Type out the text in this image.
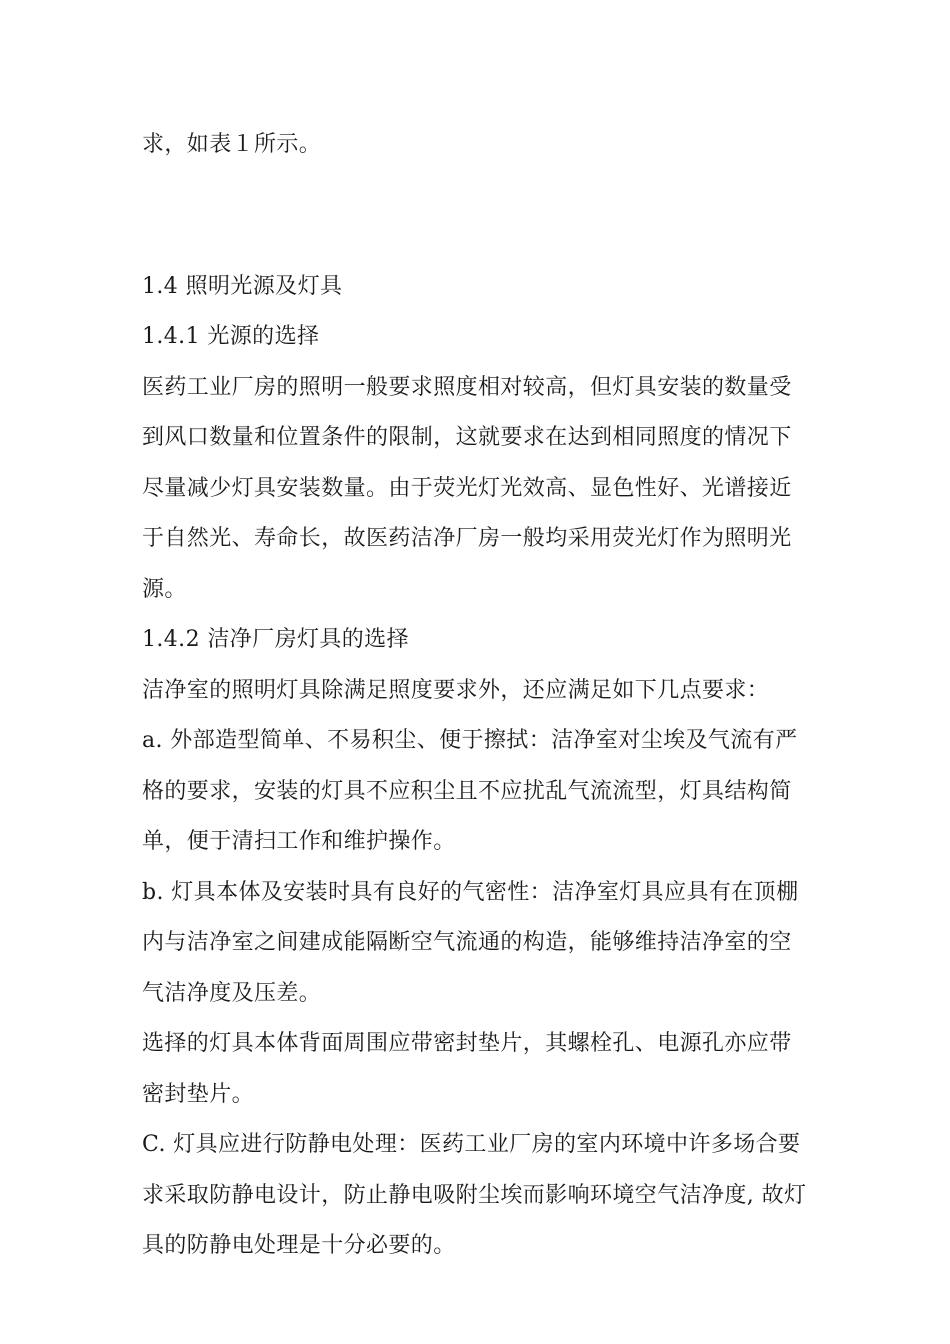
求，如表１所示。
1.4 照明光源及灯具
1.4.1 光源的选择
医药工业厂房的照明一般要求照度相对较高，但灯具安装的数量受
到风口数量和位置条件的限制，这就要求在达到相同照度的情况下
尽量减少灯具安装数量。由于荧光灯光效高、显色性好、光谱接近
于自然光、寿命长，故医药洁净厂房一般均采用荧光灯作为照明光
源。
1.4.2 洁净厂房灯具的选择
洁净室的照明灯具除满足照度要求外，还应满足如下几点要求：
a. 外部造型简单、不易积尘、便于擦拭：洁净室对尘埃及气流有严
格的要求，安装的灯具不应积尘且不应扰乱气流流型，灯具结构简
单，便于清扫工作和维护操作。
b. 灯具本体及安装时具有良好的气密性：洁净室灯具应具有在顶棚
内与洁净室之间建成能隔断空气流通的构造，能够维持洁净室的空
气洁净度及压差。
选择的灯具本体背面周围应带密封垫片，其螺栓孔、电源孔亦应带
密封垫片。
C. 灯具应进行防静电处理：医药工业厂房的室内环境中许多场合要
求采取防静电设计，防止静电吸附尘埃而影响环境空气洁净度, 故灯
具的防静电处理是十分必要的。
